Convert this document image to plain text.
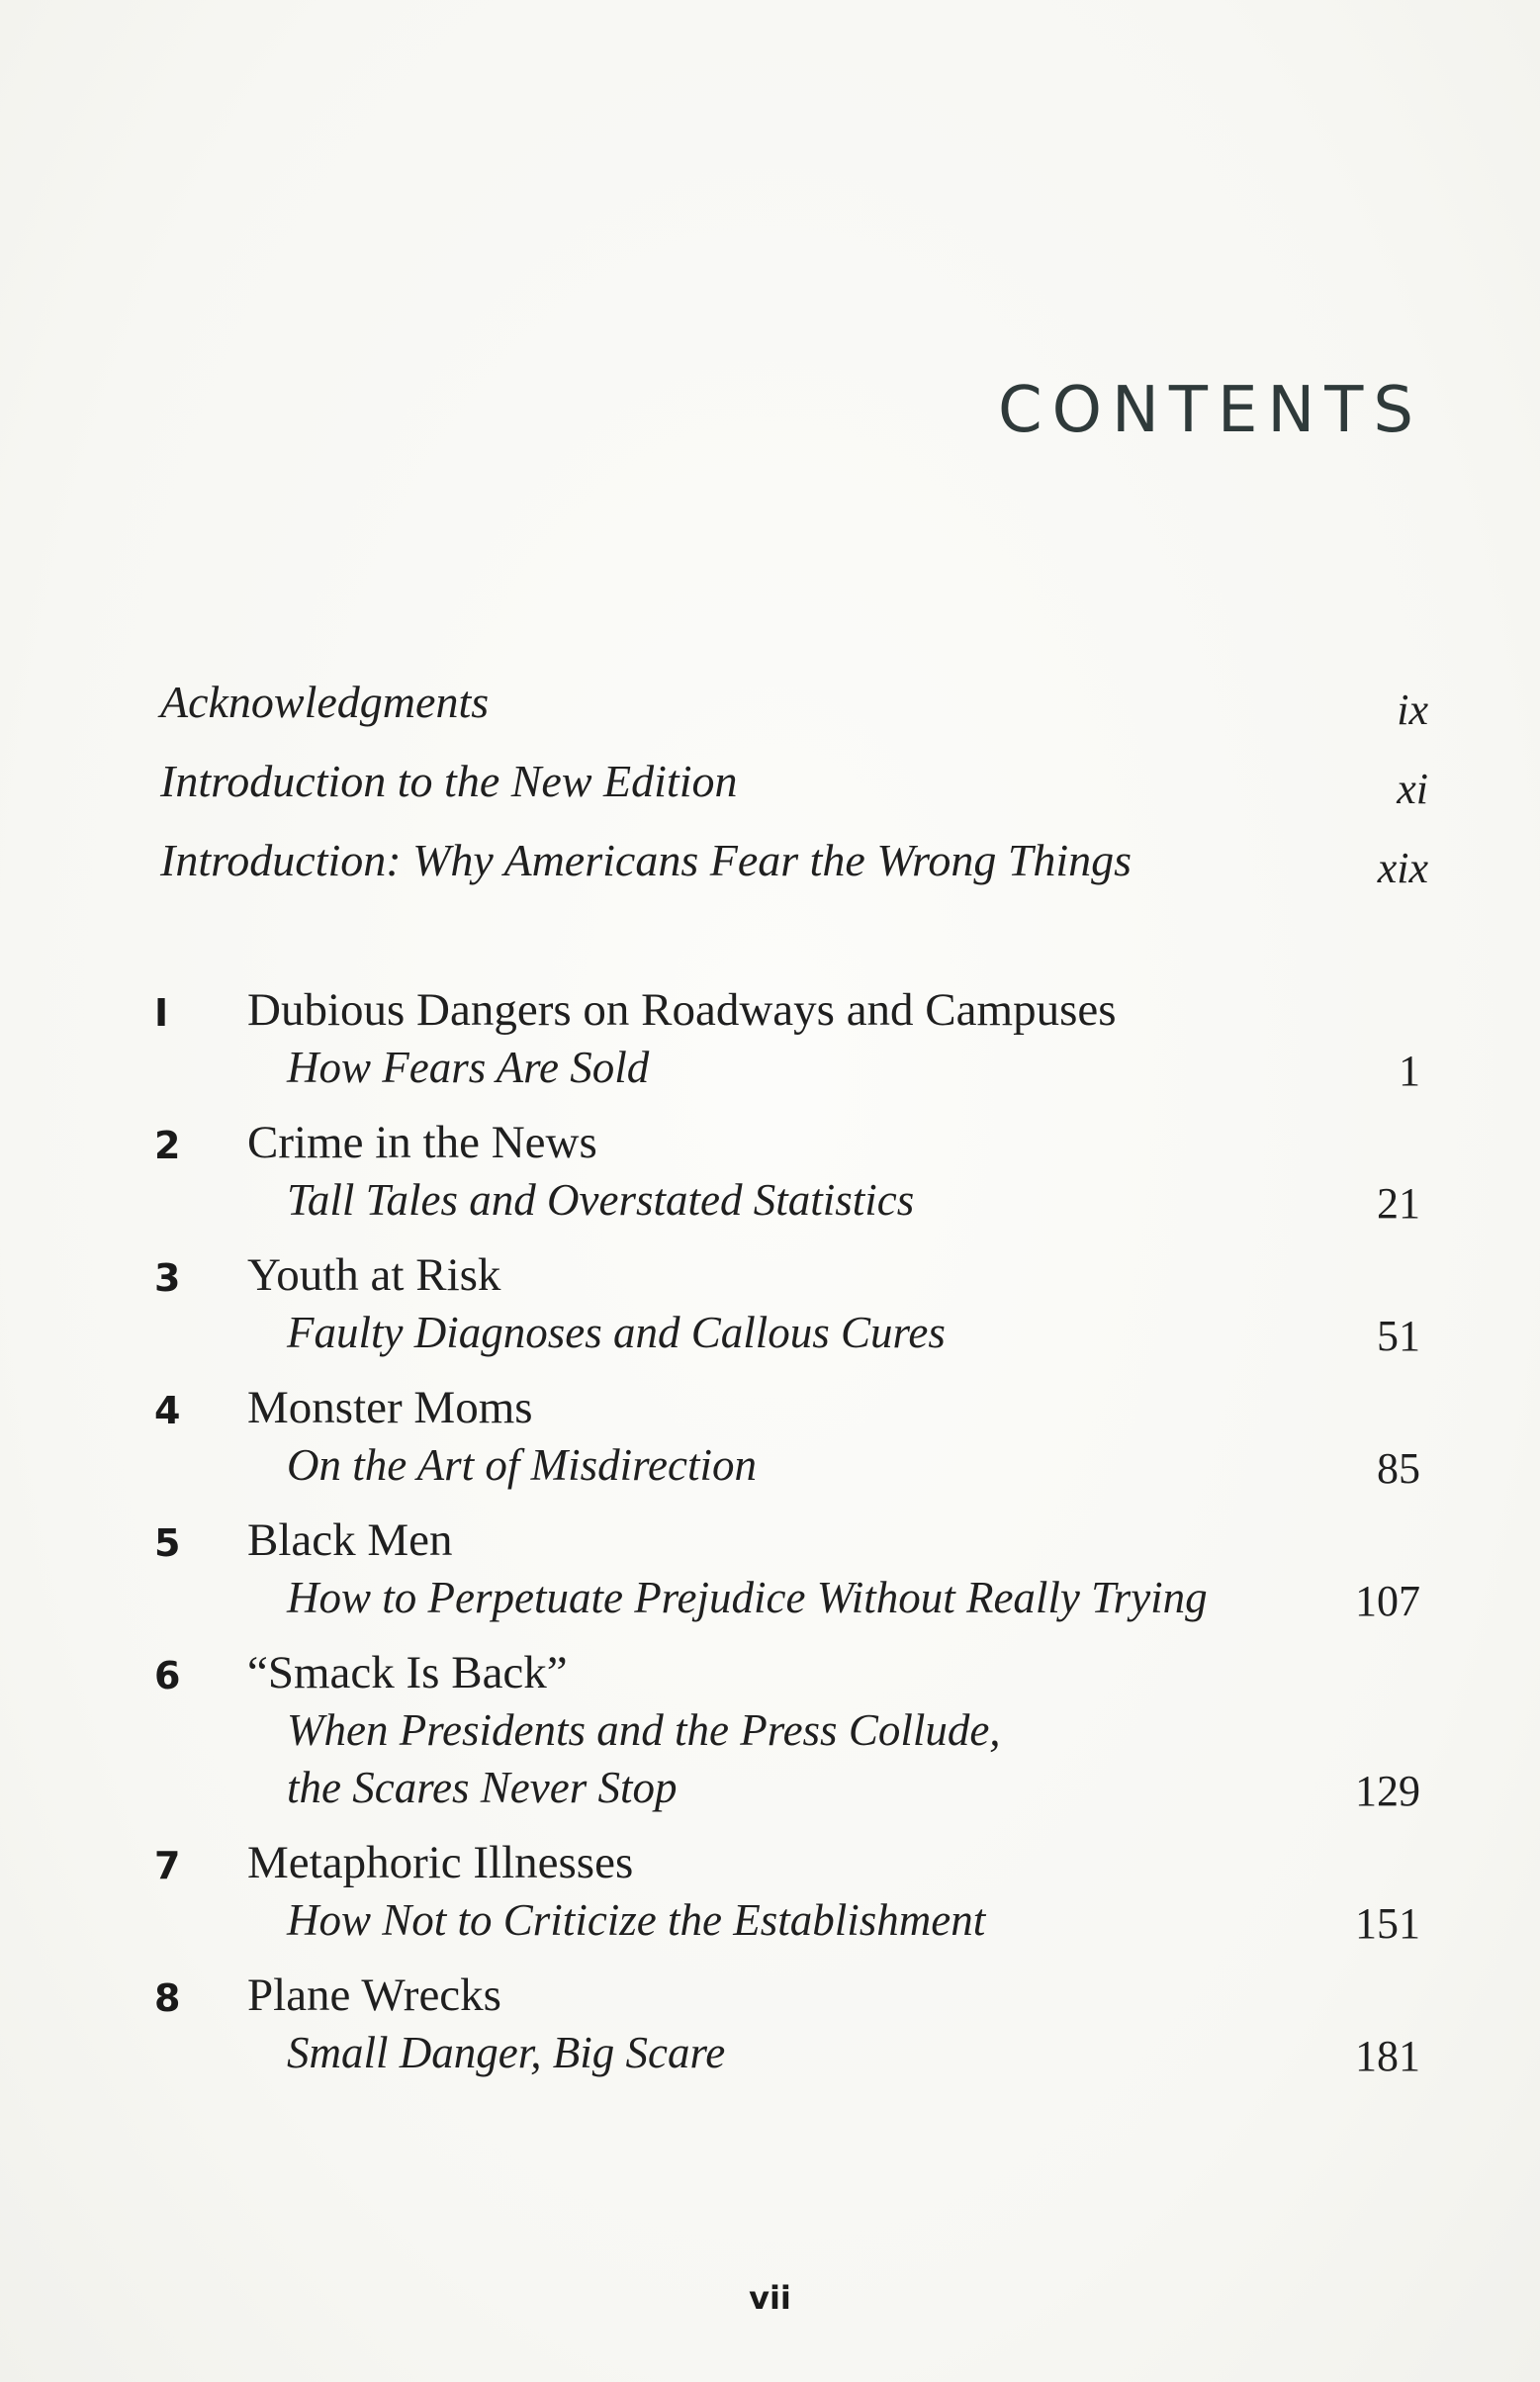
CONTENTS
Acknowledgments	ix
Introduction to the New Edition	xi
Introduction: Why Americans Fear the Wrong Things	xix
I Dubious Dangers on Roadways and Campuses
How Fears Are Sold	1
2 Crime in the News
Tall Tales and Overstated Statistics	21
3 Youth at Risk
Faulty Diagnoses and Callous Cures	51
4 Monster Moms
On the Art of Misdirection	85
5 Black Men
How to Perpetuate Prejudice Without Really Trying	107
6 “Smack Is Back”
When Presidents and the Press Collude,
the Scares Never Stop	129
7 Metaphoric Illnesses
How Not to Criticize the Establishment	151
8 Plane Wrecks
Small Danger, Big Scare	181
vii
